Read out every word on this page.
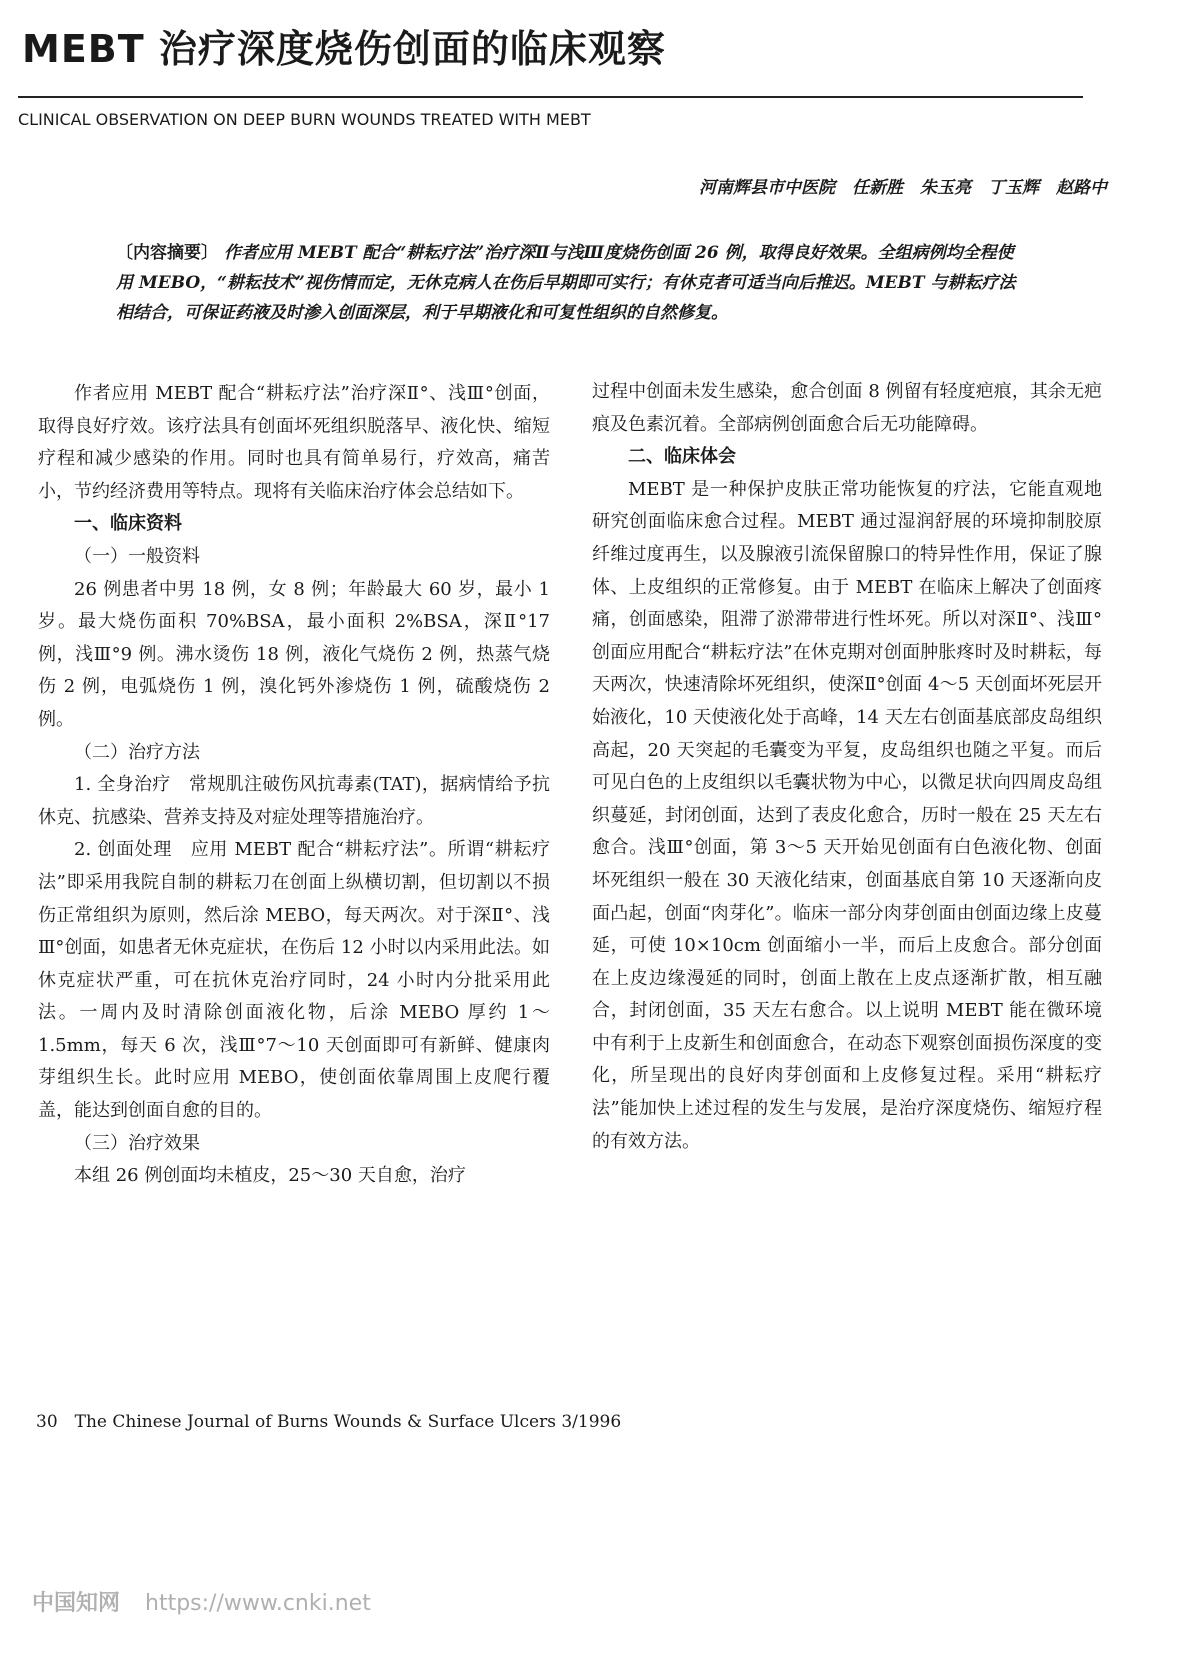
MEBT 治疗深度烧伤创面的临床观察
CLINICAL OBSERVATION ON DEEP BURN WOUNDS TREATED WITH MEBT
河南辉县市中医院　任新胜　朱玉亮　丁玉辉　赵路中
〔内容摘要〕 作者应用 MEBT 配合“耕耘疗法”治疗深Ⅱ与浅Ⅲ度烧伤创面 26 例，取得良好效果。全组病例均全程使用 MEBO，“耕耘技术”视伤情而定，无休克病人在伤后早期即可实行；有休克者可适当向后推迟。MEBT 与耕耘疗法相结合，可保证药液及时渗入创面深层，利于早期液化和可复性组织的自然修复。

作者应用 MEBT 配合“耕耘疗法”治疗深Ⅱ°、浅Ⅲ°创面，取得良好疗效。该疗法具有创面坏死组织脱落早、液化快、缩短疗程和减少感染的作用。同时也具有简单易行，疗效高，痛苦小，节约经济费用等特点。现将有关临床治疗体会总结如下。

一、临床资料

（一）一般资料

26 例患者中男 18 例，女 8 例；年龄最大 60 岁，最小 1 岁。最大烧伤面积 70%BSA，最小面积 2%BSA，深Ⅱ°17 例，浅Ⅲ°9 例。沸水烫伤 18 例，液化气烧伤 2 例，热蒸气烧伤 2 例，电弧烧伤 1 例，溴化钙外渗烧伤 1 例，硫酸烧伤 2 例。

（二）治疗方法

1. 全身治疗　常规肌注破伤风抗毒素(TAT)，据病情给予抗休克、抗感染、营养支持及对症处理等措施治疗。

2. 创面处理　应用 MEBT 配合“耕耘疗法”。所谓“耕耘疗法”即采用我院自制的耕耘刀在创面上纵横切割，但切割以不损伤正常组织为原则，然后涂 MEBO，每天两次。对于深Ⅱ°、浅Ⅲ°创面，如患者无休克症状，在伤后 12 小时以内采用此法。如休克症状严重，可在抗休克治疗同时，24 小时内分批采用此法。一周内及时清除创面液化物，后涂 MEBO 厚约 1～1.5mm，每天 6 次，浅Ⅲ°7～10 天创面即可有新鲜、健康肉芽组织生长。此时应用 MEBO，使创面依靠周围上皮爬行覆盖，能达到创面自愈的目的。

（三）治疗效果

本组 26 例创面均未植皮，25～30 天自愈，治疗

过程中创面未发生感染，愈合创面 8 例留有轻度疤痕，其余无疤痕及色素沉着。全部病例创面愈合后无功能障碍。

二、临床体会

MEBT 是一种保护皮肤正常功能恢复的疗法，它能直观地研究创面临床愈合过程。MEBT 通过湿润舒展的环境抑制胶原纤维过度再生，以及腺液引流保留腺口的特异性作用，保证了腺体、上皮组织的正常修复。由于 MEBT 在临床上解决了创面疼痛，创面感染，阻滞了淤滞带进行性坏死。所以对深Ⅱ°、浅Ⅲ°创面应用配合“耕耘疗法”在休克期对创面肿胀疼时及时耕耘，每天两次，快速清除坏死组织，使深Ⅱ°创面 4～5 天创面坏死层开始液化，10 天使液化处于高峰，14 天左右创面基底部皮岛组织高起，20 天突起的毛囊变为平复，皮岛组织也随之平复。而后可见白色的上皮组织以毛囊状物为中心，以微足状向四周皮岛组织蔓延，封闭创面，达到了表皮化愈合，历时一般在 25 天左右愈合。浅Ⅲ°创面，第 3～5 天开始见创面有白色液化物、创面坏死组织一般在 30 天液化结束，创面基底自第 10 天逐渐向皮面凸起，创面“肉芽化”。临床一部分肉芽创面由创面边缘上皮蔓延，可使 10×10cm 创面缩小一半，而后上皮愈合。部分创面在上皮边缘漫延的同时，创面上散在上皮点逐渐扩散，相互融合，封闭创面，35 天左右愈合。以上说明 MEBT 能在微环境中有利于上皮新生和创面愈合，在动态下观察创面损伤深度的变化，所呈现出的良好肉芽创面和上皮修复过程。采用“耕耘疗法”能加快上述过程的发生与发展，是治疗深度烧伤、缩短疗程的有效方法。

30　The Chinese Journal of Burns Wounds & Surface Ulcers 3/1996
中国知网 https://www.cnki.net
